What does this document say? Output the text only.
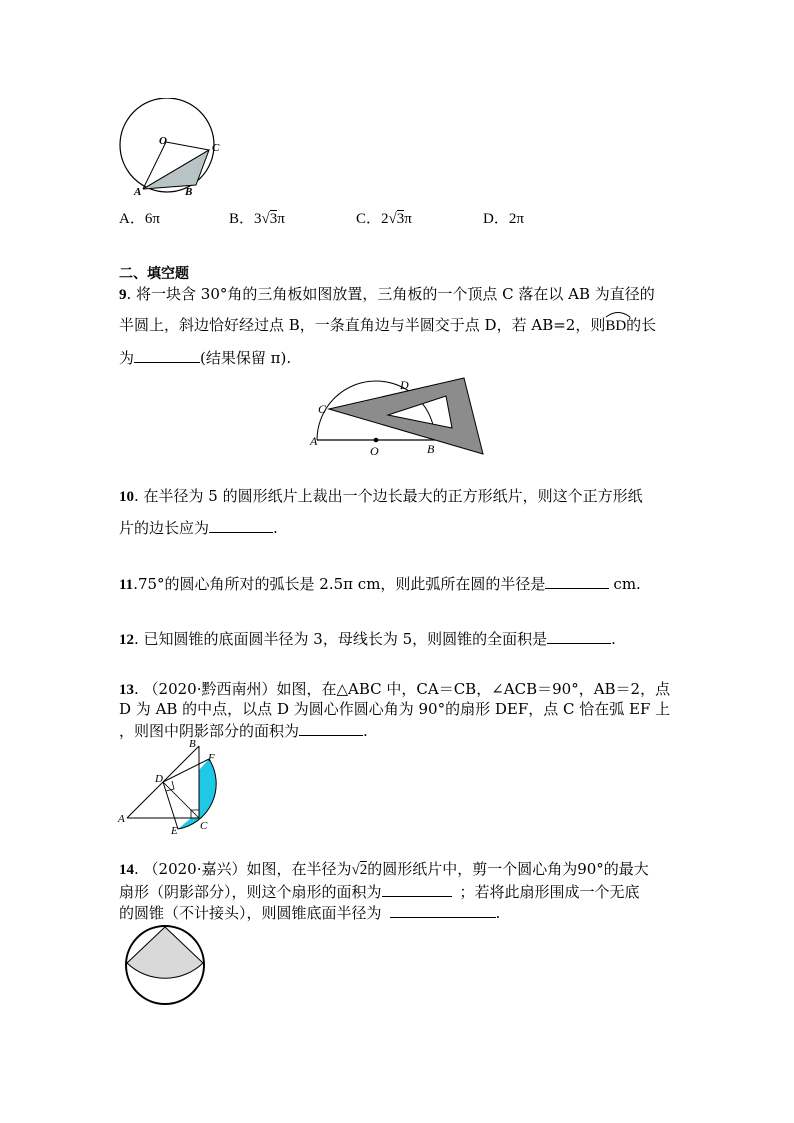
O
C
A	B
A．6π	B．3√3π	C．2√3π	D．2π
二、填空题
9. 将一块含 30°角的三角板如图放置，三角板的一个顶点 C 落在以 AB 为直径的
半圆上，斜边恰好经过点 B，一条直角边与半圆交于点 D，若 AB=2，则BD
的长
为	(结果保留 π).
D
C
A
O	B
10. 在半径为 5 的圆形纸片上裁出一个边长最大的正方形纸片，则这个正方形纸
片的边长应为	.
11.75°的圆心角所对的弧长是 2.5π cm，则此弧所在圆的半径是	cm.
12. 已知圆锥的底面圆半径为 3，母线长为 5，则圆锥的全面积是	.
13. （2020·黔西南州）如图，在△ABC 中，CA＝CB，∠ACB＝90°，AB＝2，点
D 为 AB 的中点，以点 D 为圆心作圆心角为 90°的扇形 DEF，点 C 恰在弧 EF 上
，则图中阴影部分的面积为	.
B
F
D
A
E C
14. （2020·嘉兴）如图，在半径为√2的圆形纸片中，剪一个圆心角为90°的最大
扇形（阴影部分），则这个扇形的面积为	；若将此扇形围成一个无底
的圆锥（不计接头），则圆锥底面半径为	.
